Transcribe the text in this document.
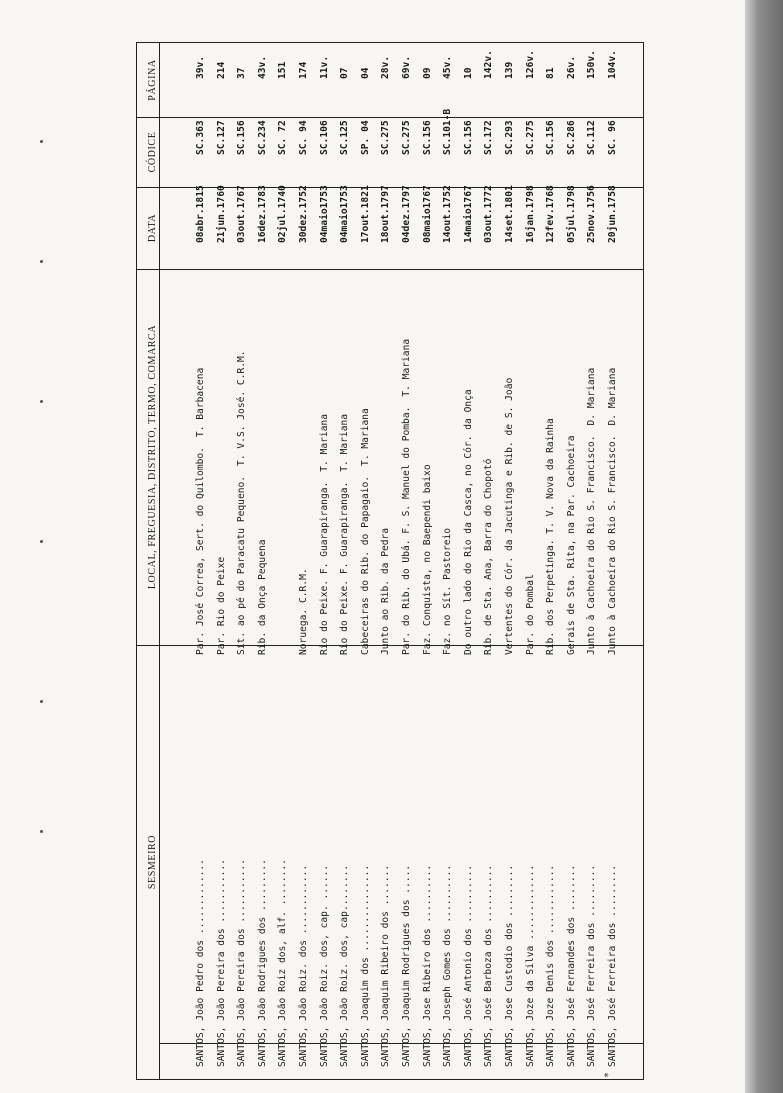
SESMEIRO
LOCAL, FREGUESIA, DISTRITO, TERMO, COMARCA
DATA
CÓDICE
PÁGINA
SANTOS, João Pedro dos .............
Par. José Correa, Sert. do Quilombo.T. Barbacena
08abr.1815
SC.363
39v.
SANTOS, João Pereira dos ...........
Par. Rio do Peixe
21jun.1760
SC.127
214
SANTOS, João Pereira dos ...........
Sít. ao pé do Paracatu Pequeno.T. V.S. José. C.R.M.
03out.1767
SC.156
37
SANTOS, João Rodrigues dos .........
Rib. da Onça Pequena
16dez.1783
SC.234
43v.
SANTOS, João Roiz dos, alf. ........
02jul.1740
SC. 72
151
SANTOS, João Roiz. dos ............
Noruega. C.R.M.
30dez.1752
SC. 94
174
SANTOS, João Roiz. dos, cap. ......
Rio do Peixe. F. Guarapiranga.T. Mariana
04maio1753
SC.106
11v.
SANTOS, João Roiz. dos, cap........
Rio do Peixe. F. Guarapiranga.T. Mariana
04maio1753
SC.125
07
SANTOS, Joaquim dos ...............
Cabeceiras do Rib. do Papagaio.T. Mariana
17out.1821
SP. 04
04
SANTOS, Joaquim Ribeiro dos .......
Junto ao Rib. da Pedra
18out.1797
SC.275
28v.
SANTOS, Joaquim Rodrigues dos .....
Par. do Rib. do Ubá. F. S. Manuel do Pomba.T. Mariana
04dez.1797
SC.275
69v.
SANTOS, Jose Ribeiro dos ..........
Faz. Conquista, no Baependi baixo
08maio1767
SC.156
09
SANTOS, Joseph Gomes dos ..........
Faz. no Sít. Pastoreio
14out.1752
SC.101-B
45v.
SANTOS, José Antonio dos ..........
Do outro lado do Rio da Casca, no Cór. da Onça
14maio1767
SC.156
10
SANTOS, José Barboza dos ..........
Rib. de Sta. Ana, Barra do Chopotó
03out.1772
SC.172
142v.
SANTOS, Jose Custodio dos .........
Vertentes do Cór. da Jacutinga e Rib. de S. João
14set.1801
SC.293
139
SANTOS, Joze da Silva .............
Par. do Pombal
16jan.1798
SC.275
126v.
SANTOS, Joze Denis dos ............
Rib. dos Perpetinga. T. V. Nova da Rainha
12fev.1768
SC.156
81
SANTOS, José Fernandes dos ........
Gerais de Sta. Rita, na Par. Cachoeira
05jul.1798
SC.286
26v.
SANTOS, José Ferreira dos .........
Junto à Cachoeira do Rio S. Francisco.D. Mariana
25nov.1756
SC.112
150v.
*
SANTOS, José Ferreira dos .........
Junto à Cachoeira do Rio S. Francisco.D. Mariana
20jun.1758
SC. 96
104v.
